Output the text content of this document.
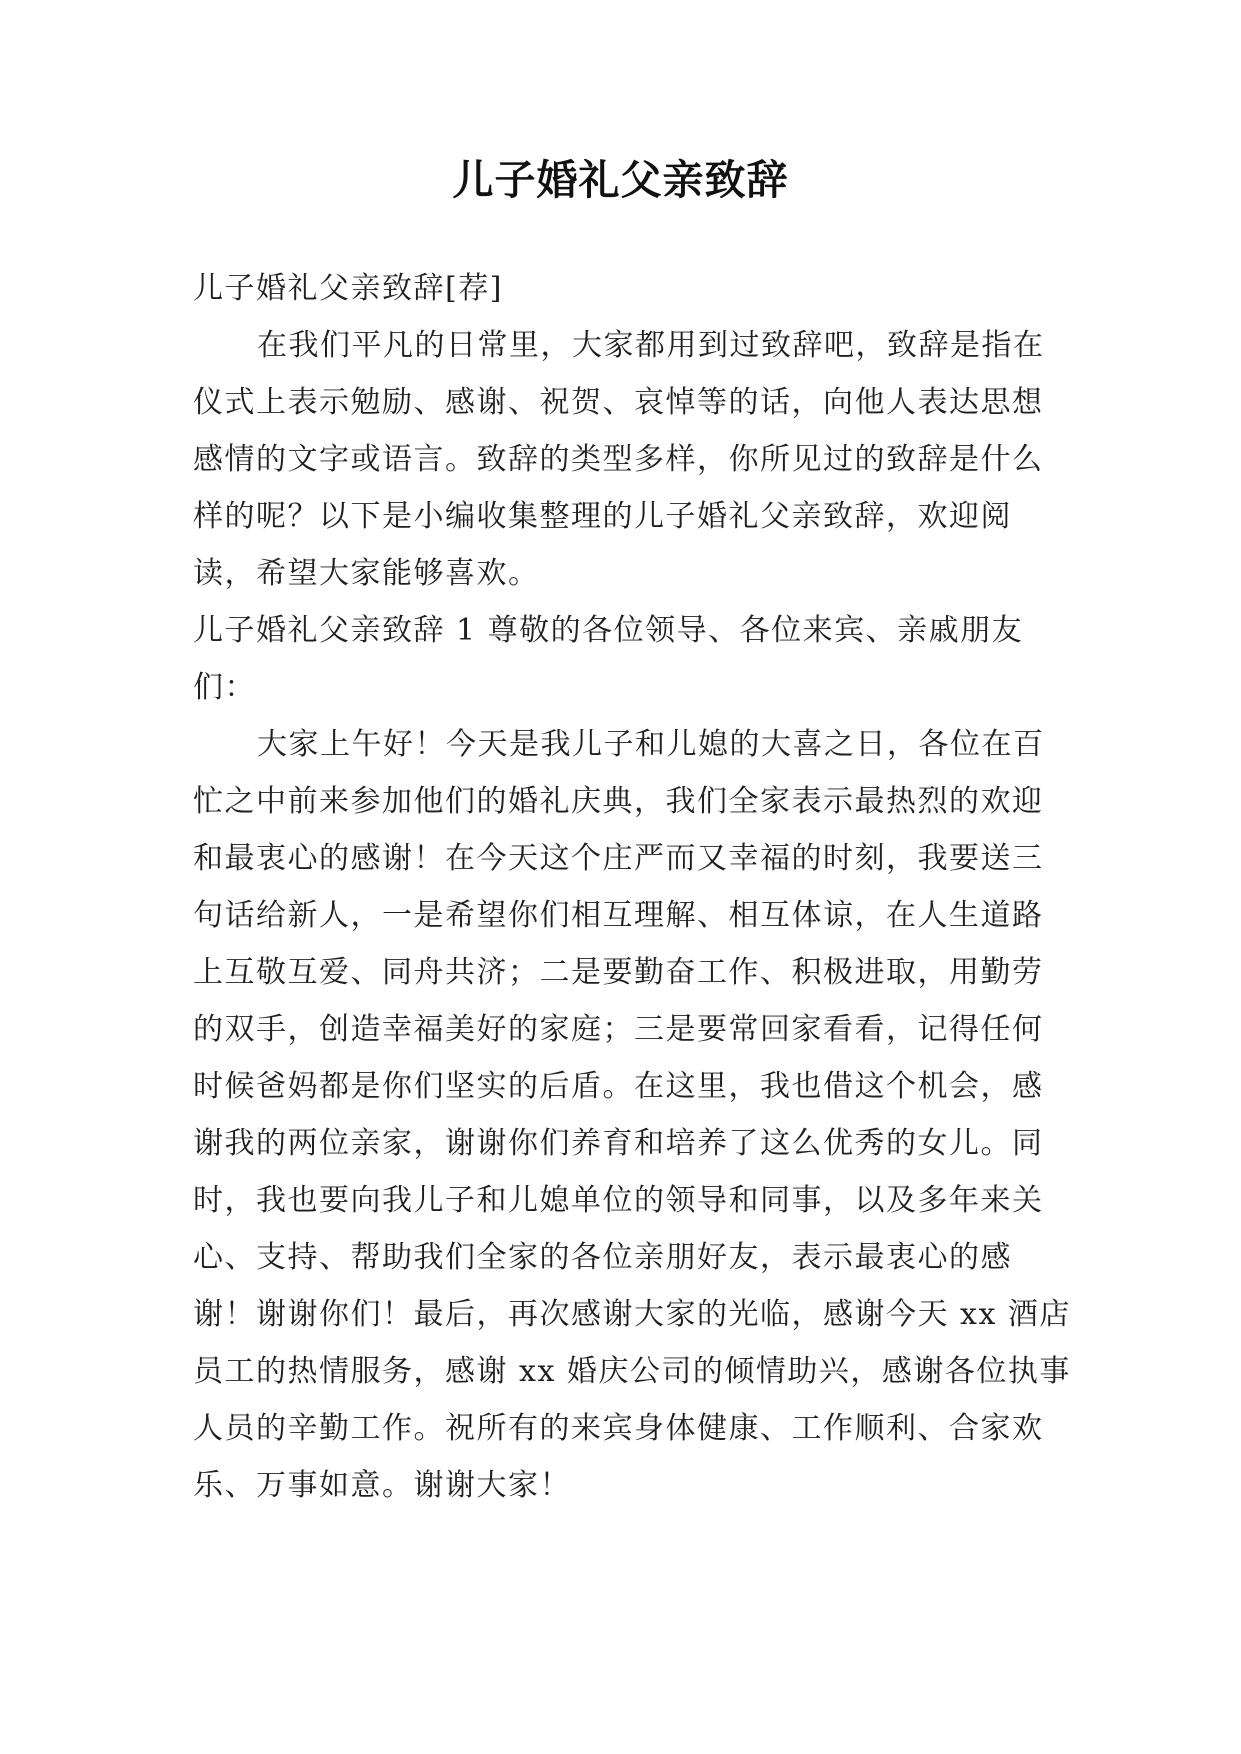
儿子婚礼父亲致辞

儿子婚礼父亲致辞[荐]

在我们平凡的日常里，大家都用到过致辞吧，致辞是指在仪式上表示勉励、感谢、祝贺、哀悼等的话，向他人表达思想感情的文字或语言。致辞的类型多样，你所见过的致辞是什么样的呢？以下是小编收集整理的儿子婚礼父亲致辞，欢迎阅读，希望大家能够喜欢。

儿子婚礼父亲致辞 1 尊敬的各位领导、各位来宾、亲戚朋友们：

大家上午好！今天是我儿子和儿媳的大喜之日，各位在百忙之中前来参加他们的婚礼庆典，我们全家表示最热烈的欢迎和最衷心的感谢！在今天这个庄严而又幸福的时刻，我要送三句话给新人，一是希望你们相互理解、相互体谅，在人生道路上互敬互爱、同舟共济；二是要勤奋工作、积极进取，用勤劳的双手，创造幸福美好的家庭；三是要常回家看看，记得任何时候爸妈都是你们坚实的后盾。在这里，我也借这个机会，感谢我的两位亲家，谢谢你们养育和培养了这么优秀的女儿。同时，我也要向我儿子和儿媳单位的领导和同事，以及多年来关心、支持、帮助我们全家的各位亲朋好友，表示最衷心的感谢！谢谢你们！最后，再次感谢大家的光临，感谢今天 xx 酒店员工的热情服务，感谢 xx 婚庆公司的倾情助兴，感谢各位执事人员的辛勤工作。祝所有的来宾身体健康、工作顺利、合家欢乐、万事如意。谢谢大家！
